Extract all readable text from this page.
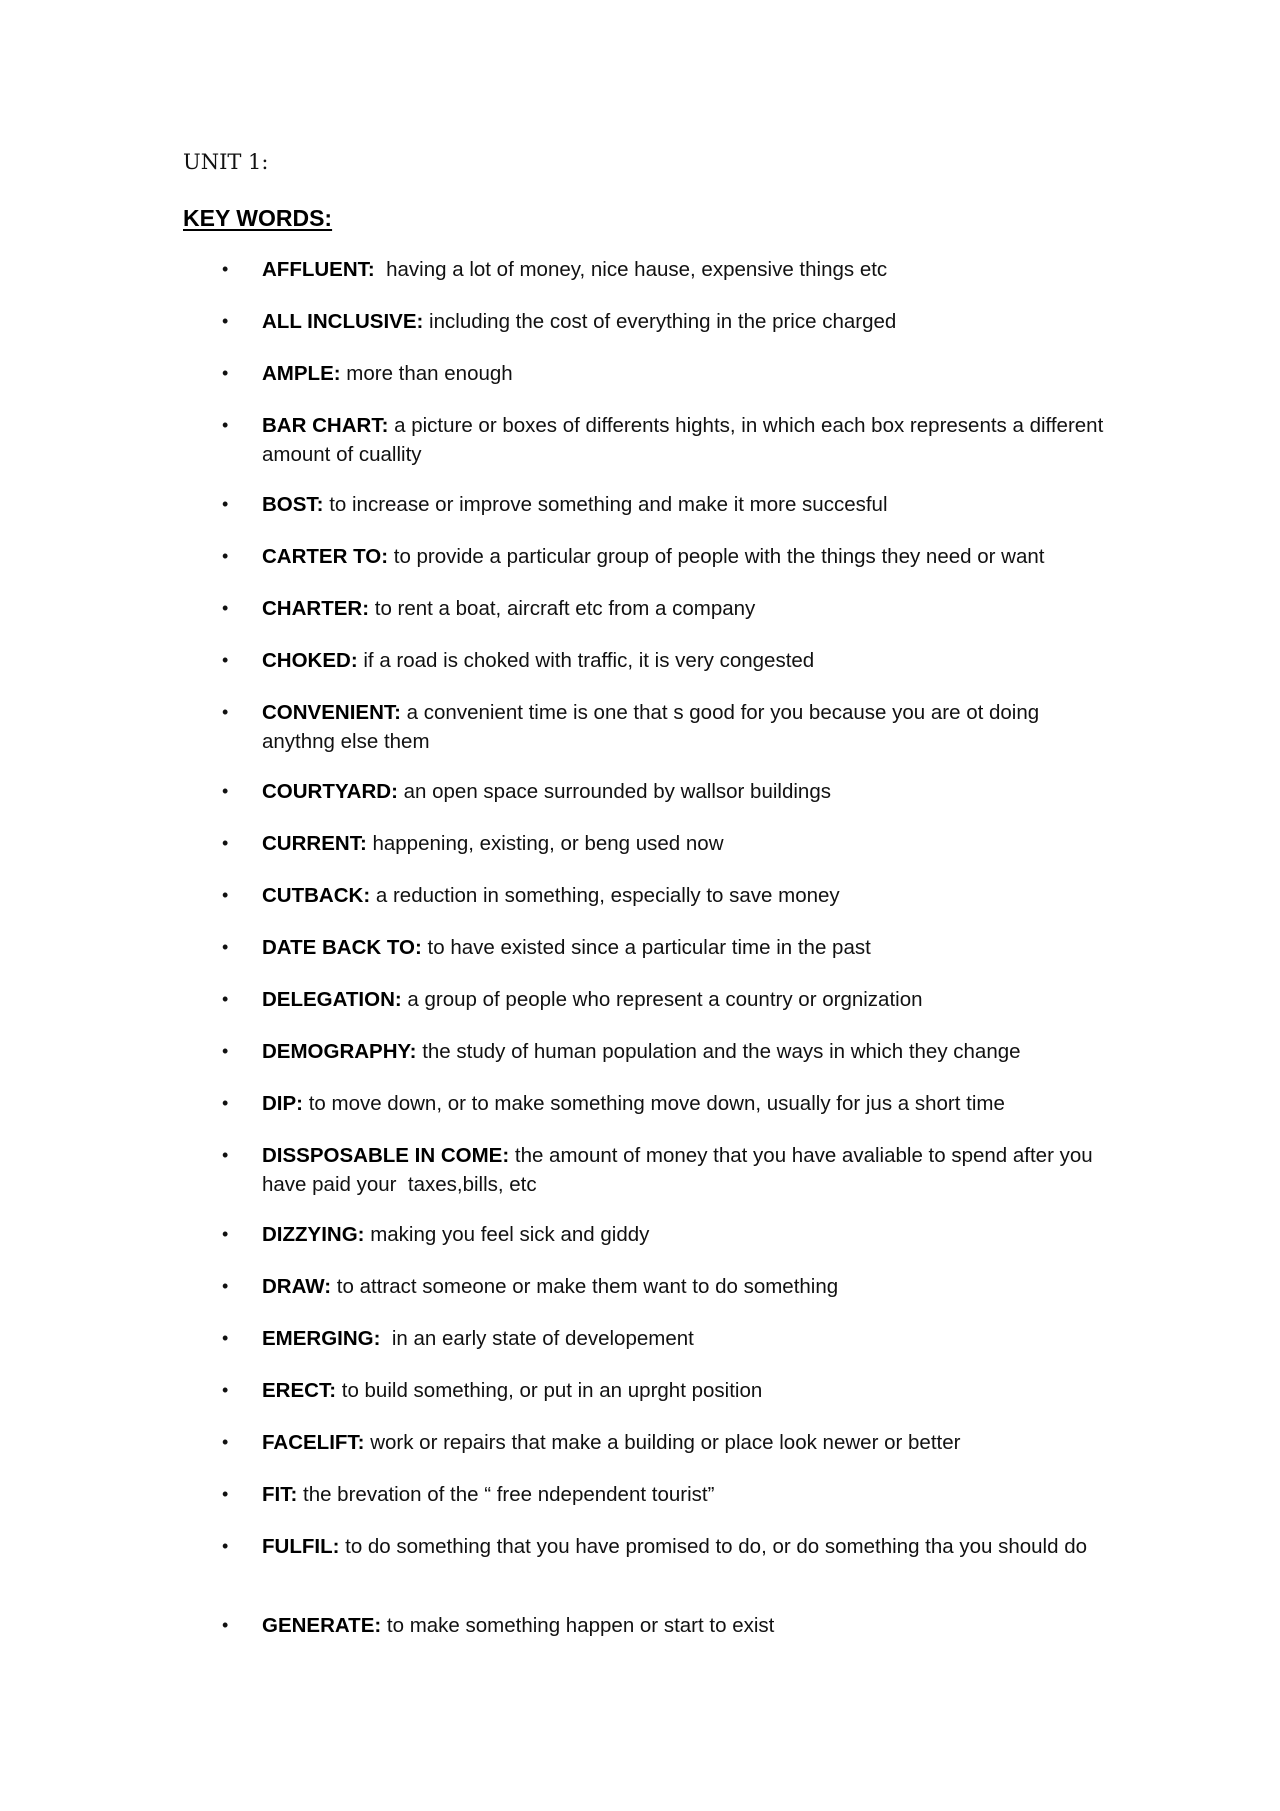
UNIT 1:
KEY WORDS:
•	AFFLUENT:  having a lot of money, nice hause, expensive things etc
•	ALL INCLUSIVE: including the cost of everything in the price charged
•	AMPLE: more than enough
•	BAR CHART: a picture or boxes of differents hights, in which each box represents a different amount of cuallity
•	BOST: to increase or improve something and make it more succesful
•	CARTER TO: to provide a particular group of people with the things they need or want
•	CHARTER: to rent a boat, aircraft etc from a company
•	CHOKED: if a road is choked with traffic, it is very congested
•	CONVENIENT: a convenient time is one that s good for you because you are ot doing anythng else them
•	COURTYARD: an open space surrounded by wallsor buildings
•	CURRENT: happening, existing, or beng used now
•	CUTBACK: a reduction in something, especially to save money
•	DATE BACK TO: to have existed since a particular time in the past
•	DELEGATION: a group of people who represent a country or orgnization
•	DEMOGRAPHY: the study of human population and the ways in which they change
•	DIP: to move down, or to make something move down, usually for jus a short time
•	DISSPOSABLE IN COME: the amount of money that you have avaliable to spend after you have paid your  taxes,bills, etc
•	DIZZYING: making you feel sick and giddy
•	DRAW: to attract someone or make them want to do something
•	EMERGING:  in an early state of developement
•	ERECT: to build something, or put in an uprght position
•	FACELIFT: work or repairs that make a building or place look newer or better
•	FIT: the brevation of the “ free ndependent tourist”
•	FULFIL: to do something that you have promised to do, or do something tha you should do
•	GENERATE: to make something happen or start to exist
